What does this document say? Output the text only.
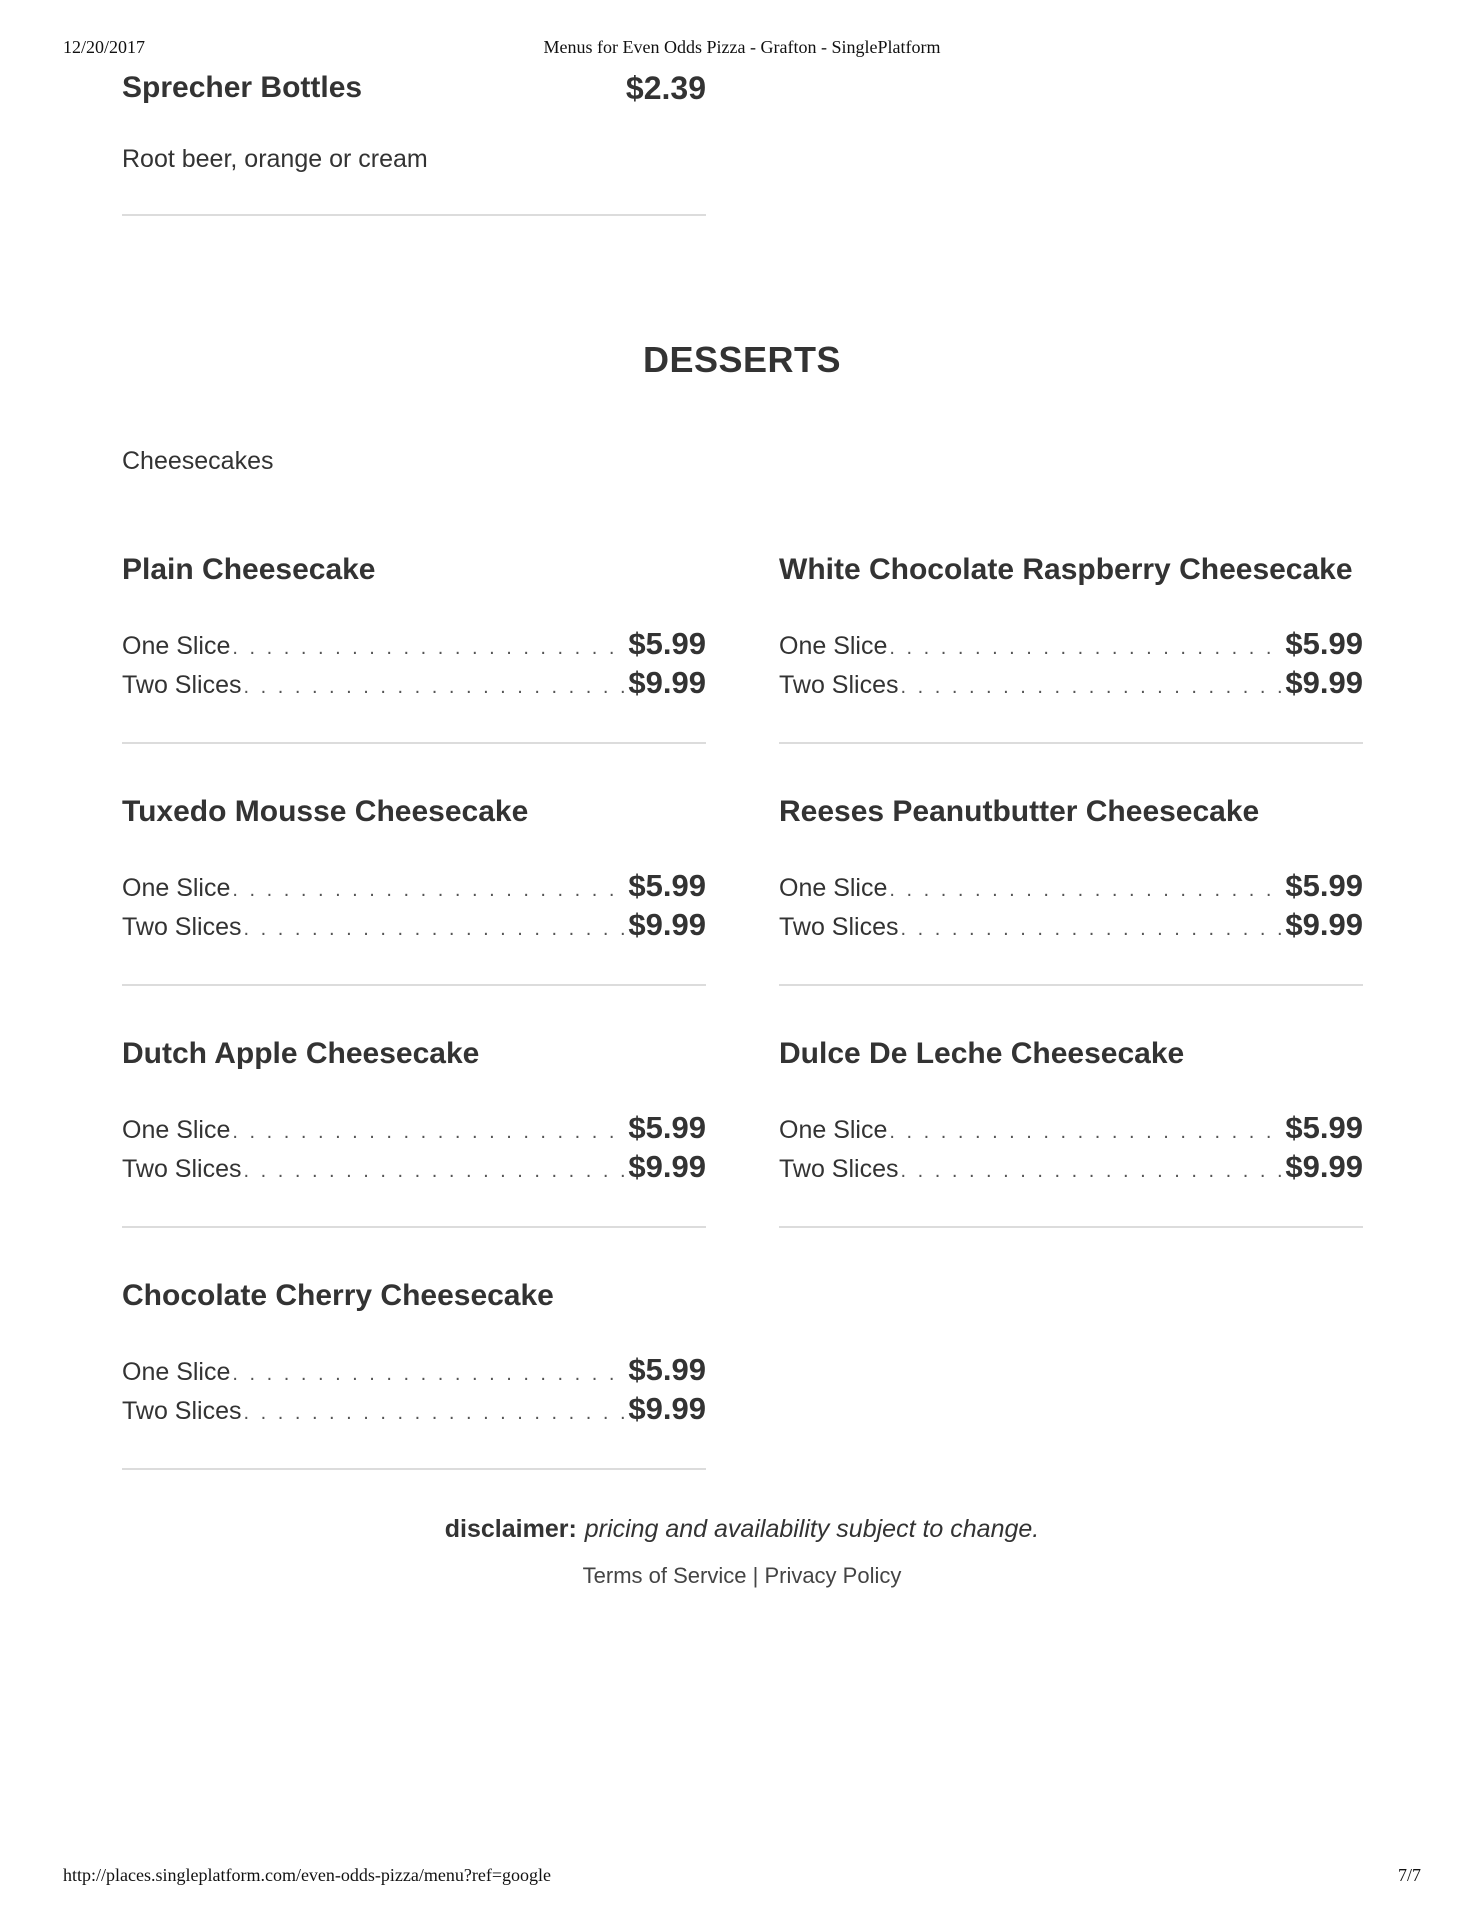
12/20/2017	Menus for Even Odds Pizza - Grafton - SinglePlatform
Sprecher Bottles	$2.39
Root beer, orange or cream
DESSERTS
Cheesecakes
Plain Cheesecake
One Slice . . .	$5.99
Two Slices . . .	$9.99
White Chocolate Raspberry Cheesecake
One Slice . . .	$5.99
Two Slices . . .	$9.99
Tuxedo Mousse Cheesecake
One Slice . . .	$5.99
Two Slices . . .	$9.99
Reeses Peanutbutter Cheesecake
One Slice . . .	$5.99
Two Slices . . .	$9.99
Dutch Apple Cheesecake
One Slice . . .	$5.99
Two Slices . . .	$9.99
Dulce De Leche Cheesecake
One Slice . . .	$5.99
Two Slices . . .	$9.99
Chocolate Cherry Cheesecake
One Slice . . .	$5.99
Two Slices . . .	$9.99
disclaimer: pricing and availability subject to change.
Terms of Service | Privacy Policy
http://places.singleplatform.com/even-odds-pizza/menu?ref=google	7/7
